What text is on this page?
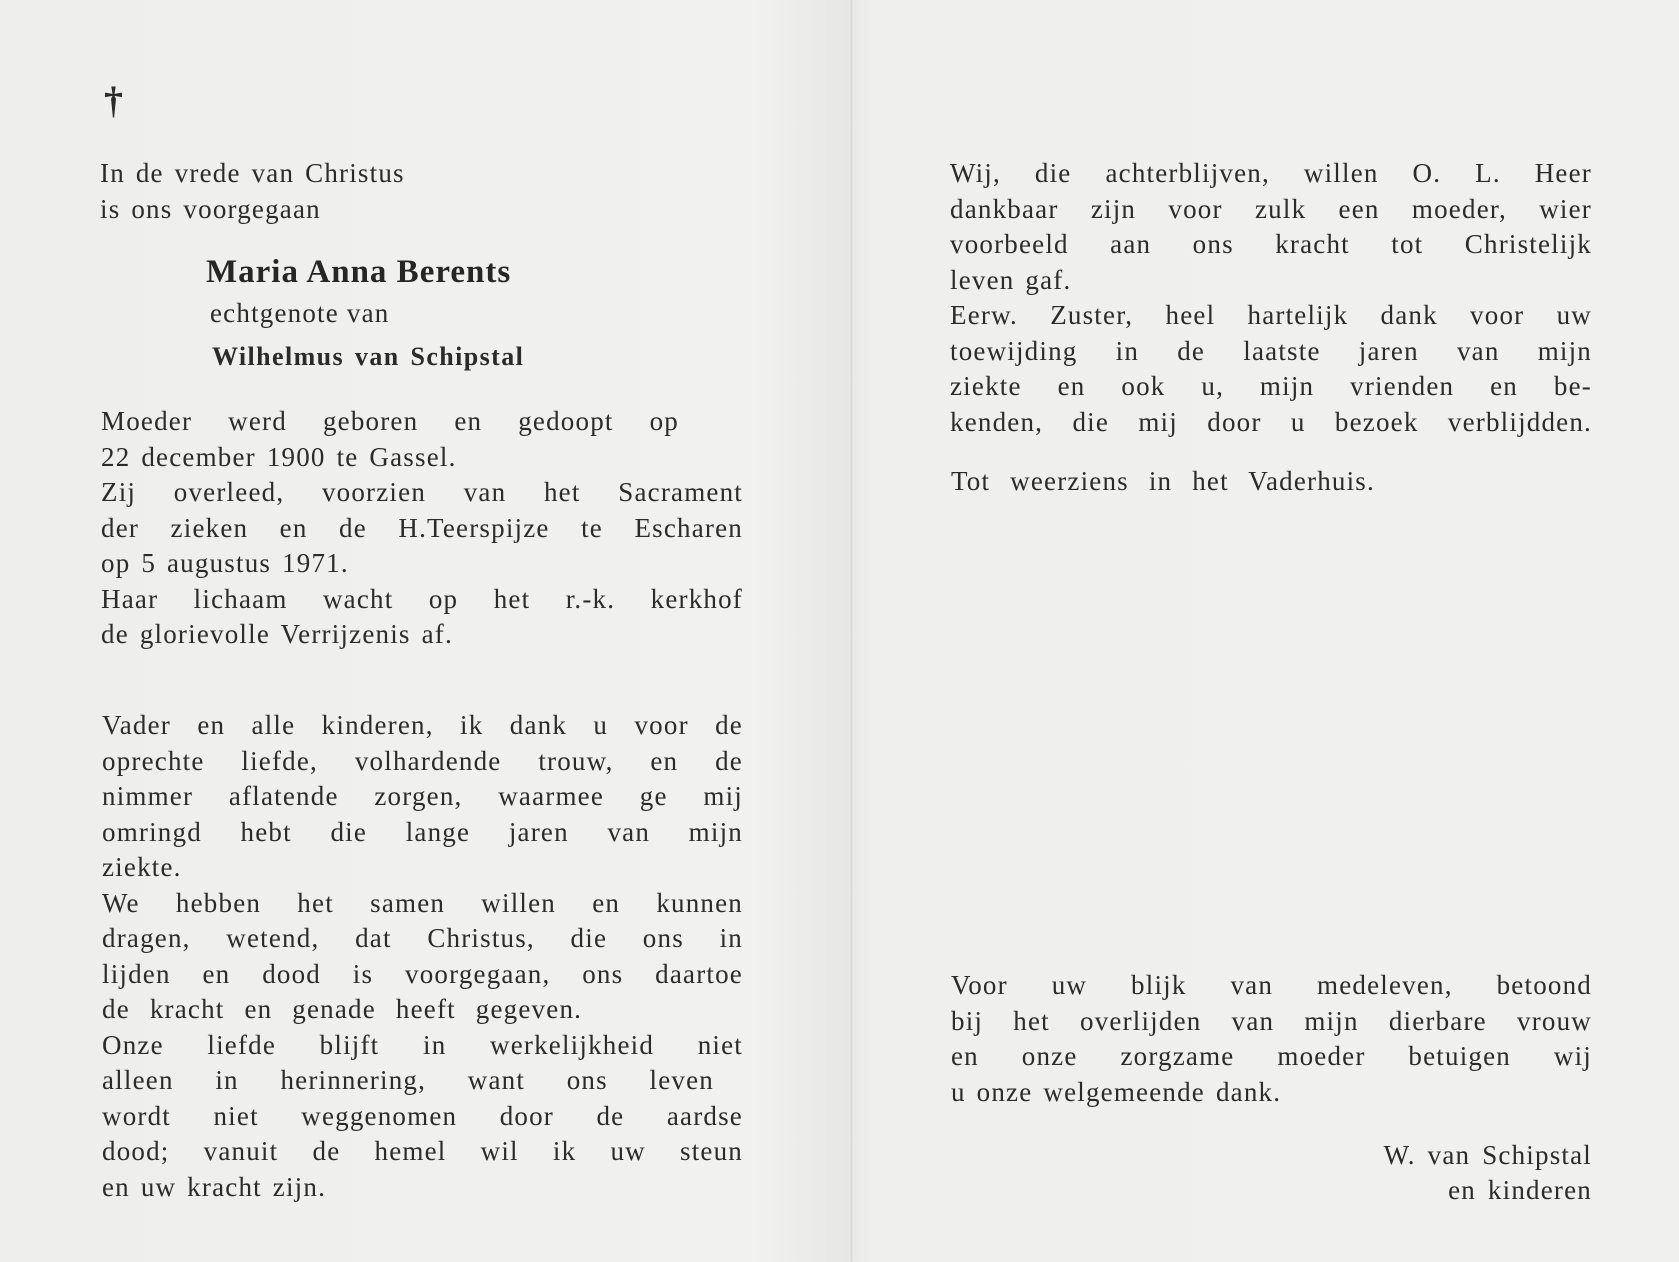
†

In de vrede van Christus

is ons voorgegaan

Maria Anna Berents
echtgenote van
Wilhelmus van Schipstal

Moeder werd geboren en gedoopt op

22 december 1900 te Gassel.

Zij overleed, voorzien van het Sacrament

der zieken en de H.Teerspijze te Escharen

op 5 augustus 1971.

Haar lichaam wacht op het r.-k. kerkhof

de glorievolle Verrijzenis af.

Vader en alle kinderen, ik dank u voor de

oprechte liefde, volhardende trouw, en de

nimmer aflatende zorgen, waarmee ge mij

omringd hebt die lange jaren van mijn

ziekte.

We hebben het samen willen en kunnen

dragen, wetend, dat Christus, die ons in

lijden en dood is voorgegaan, ons daartoe

de kracht en genade heeft gegeven.

Onze liefde blijft in werkelijkheid niet

alleen in herinnering, want ons leven

wordt niet weggenomen door de aardse

dood; vanuit de hemel wil ik uw steun

en uw kracht zijn.

Wij, die achterblijven, willen O. L. Heer

dankbaar zijn voor zulk een moeder, wier

voorbeeld aan ons kracht tot Christelijk

leven gaf.

Eerw. Zuster, heel hartelijk dank voor uw

toewijding in de laatste jaren van mijn

ziekte en ook u, mijn vrienden en be-

kenden, die mij door u bezoek verblijdden.

Tot weerziens in het Vaderhuis.

Voor uw blijk van medeleven, betoond

bij het overlijden van mijn dierbare vrouw

en onze zorgzame moeder betuigen wij

u onze welgemeende dank.

W. van Schipstal
en kinderen
